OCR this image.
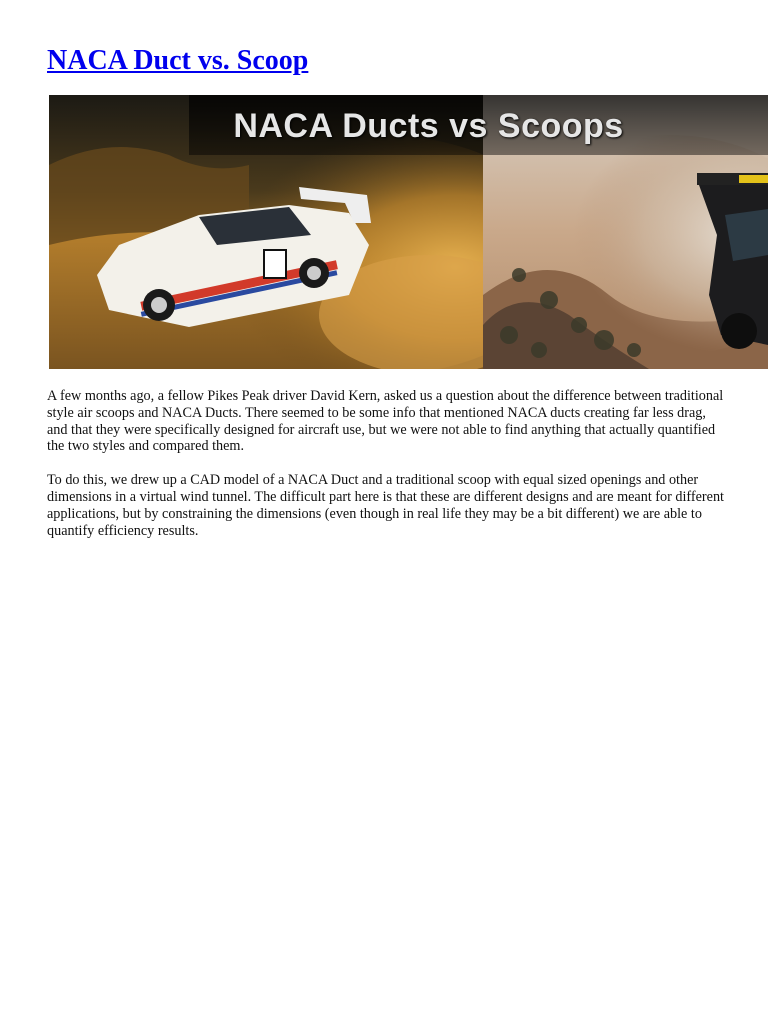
NACA Duct vs. Scoop
NACA Ducts vs Scoops

A few months ago, a fellow Pikes Peak driver David Kern, asked us a question about the difference between traditional style air scoops and NACA Ducts. There seemed to be some info that mentioned NACA ducts creating far less drag, and that they were specifically designed for aircraft use, but we were not able to find anything that actually quantified the two styles and compared them.

To do this, we drew up a CAD model of a NACA Duct and a traditional scoop with equal sized openings and other dimensions in a virtual wind tunnel. The difficult part here is that these are different designs and are meant for different applications, but by constraining the dimensions (even though in real life they may be a bit different) we are able to quantify efficiency results.
